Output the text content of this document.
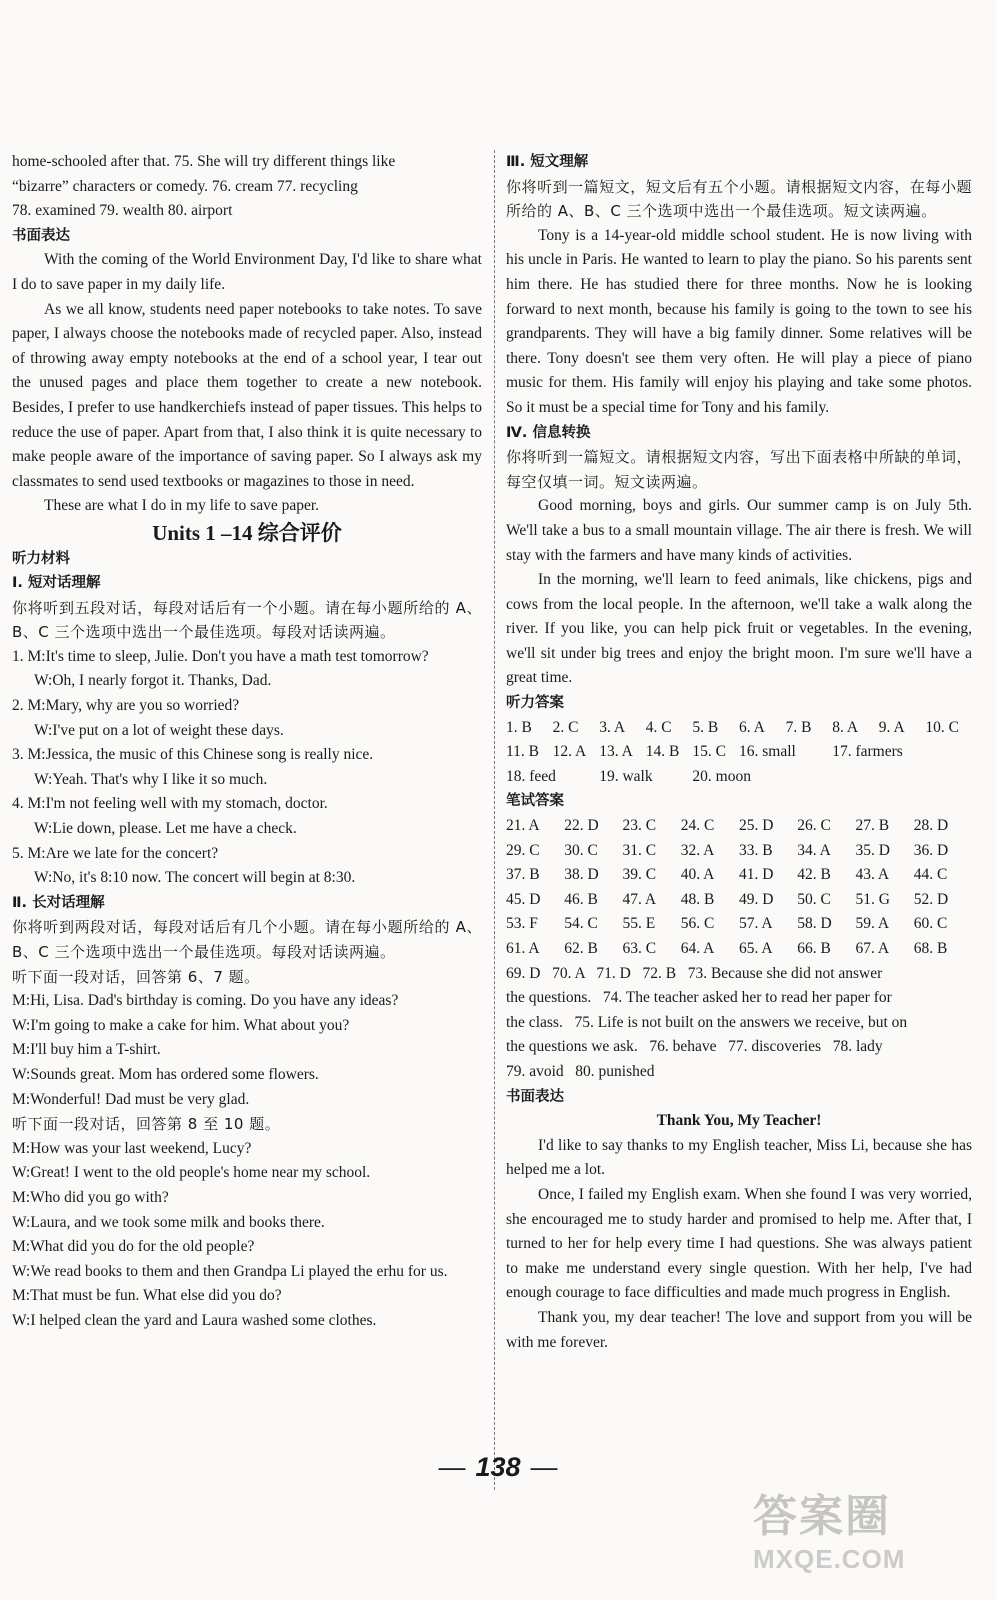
home-schooled after that. 75. She will try different things like

“bizarre” characters or comedy. 76. cream 77. recycling

78. examined 79. wealth 80. airport

书面表达

With the coming of the World Environment Day, I'd like to share what I do to save paper in my daily life.

As we all know, students need paper notebooks to take notes. To save paper, I always choose the notebooks made of recycled paper. Also, instead of throwing away empty notebooks at the end of a school year, I tear out the unused pages and place them together to create a new notebook. Besides, I prefer to use handkerchiefs instead of paper tissues. This helps to reduce the use of paper. Apart from that, I also think it is quite necessary to make people aware of the importance of saving paper. So I always ask my classmates to send used textbooks or magazines to those in need.

These are what I do in my life to save paper.

Units 1 –14 综合评价

听力材料

Ⅰ. 短对话理解

你将听到五段对话，每段对话后有一个小题。请在每小题所给的 A、B、C 三个选项中选出一个最佳选项。每段对话读两遍。

1. M:It's time to sleep, Julie. Don't you have a math test tomorrow?

W:Oh, I nearly forgot it. Thanks, Dad.

2. M:Mary, why are you so worried?

W:I've put on a lot of weight these days.

3. M:Jessica, the music of this Chinese song is really nice.

W:Yeah. That's why I like it so much.

4. M:I'm not feeling well with my stomach, doctor.

W:Lie down, please. Let me have a check.

5. M:Are we late for the concert?

W:No, it's 8:10 now. The concert will begin at 8:30.

Ⅱ. 长对话理解

你将听到两段对话，每段对话后有几个小题。请在每小题所给的 A、B、C 三个选项中选出一个最佳选项。每段对话读两遍。

听下面一段对话，回答第 6、7 题。

M:Hi, Lisa. Dad's birthday is coming. Do you have any ideas?

W:I'm going to make a cake for him. What about you?

M:I'll buy him a T-shirt.

W:Sounds great. Mom has ordered some flowers.

M:Wonderful! Dad must be very glad.

听下面一段对话，回答第 8 至 10 题。

M:How was your last weekend, Lucy?

W:Great! I went to the old people's home near my school.

M:Who did you go with?

W:Laura, and we took some milk and books there.

M:What did you do for the old people?

W:We read books to them and then Grandpa Li played the erhu for us.

M:That must be fun. What else did you do?

W:I helped clean the yard and Laura washed some clothes.

Ⅲ. 短文理解

你将听到一篇短文，短文后有五个小题。请根据短文内容，在每小题所给的 A、B、C 三个选项中选出一个最佳选项。短文读两遍。

Tony is a 14-year-old middle school student. He is now living with his uncle in Paris. He wanted to learn to play the piano. So his parents sent him there. He has studied there for three months. Now he is looking forward to next month, because his family is going to the town to see his grandparents. They will have a big family dinner. Some relatives will be there. Tony doesn't see them very often. He will play a piece of piano music for them. His family will enjoy his playing and take some photos. So it must be a special time for Tony and his family.

Ⅳ. 信息转换

你将听到一篇短文。请根据短文内容，写出下面表格中所缺的单词，每空仅填一词。短文读两遍。

Good morning, boys and girls. Our summer camp is on July 5th. We'll take a bus to a small mountain village. The air there is fresh. We will stay with the farmers and have many kinds of activities.

In the morning, we'll learn to feed animals, like chickens, pigs and cows from the local people. In the afternoon, we'll take a walk along the river. If you like, you can help pick fruit or vegetables. In the evening, we'll sit under big trees and enjoy the bright moon. I'm sure we'll have a great time.

听力答案

1. B	2. C	3. A	4. C	5. B	6. A	7. B	8. A	9. A	10. C
11. B 12. A 13. A 14. B 15. C 16. small	17. farmers
18. feed	19. walk	20. moon

笔试答案

21. A	22. D	23. C	24. C	25. D	26. C	27. B	28. D
29. C	30. C	31. C	32. A	33. B	34. A	35. D	36. D
37. B	38. D	39. C	40. A	41. D	42. B	43. A	44. C
45. D	46. B	47. A	48. B	49. D	50. C	51. G	52. D
53. F	54. C	55. E	56. C	57. A	58. D	59. A	60. C
61. A	62. B	63. C	64. A	65. A	66. B	67. A	68. B

69. D   70. A   71. D   72. B   73. Because she did not answer

the questions.   74. The teacher asked her to read her paper for

the class.   75. Life is not built on the answers we receive, but on

the questions we ask.   76. behave   77. discoveries   78. lady

79. avoid   80. punished

书面表达

Thank You, My Teacher!

I'd like to say thanks to my English teacher, Miss Li, because she has helped me a lot.

Once, I failed my English exam. When she found I was very worried, she encouraged me to study harder and promised to help me. After that, I turned to her for help every time I had questions. She was always patient to make me understand every single question. With her help, I've had enough courage to face difficulties and made much progress in English.

Thank you, my dear teacher! The love and support from you will be with me forever.

— 138 —
答案圈
MXQE.COM
